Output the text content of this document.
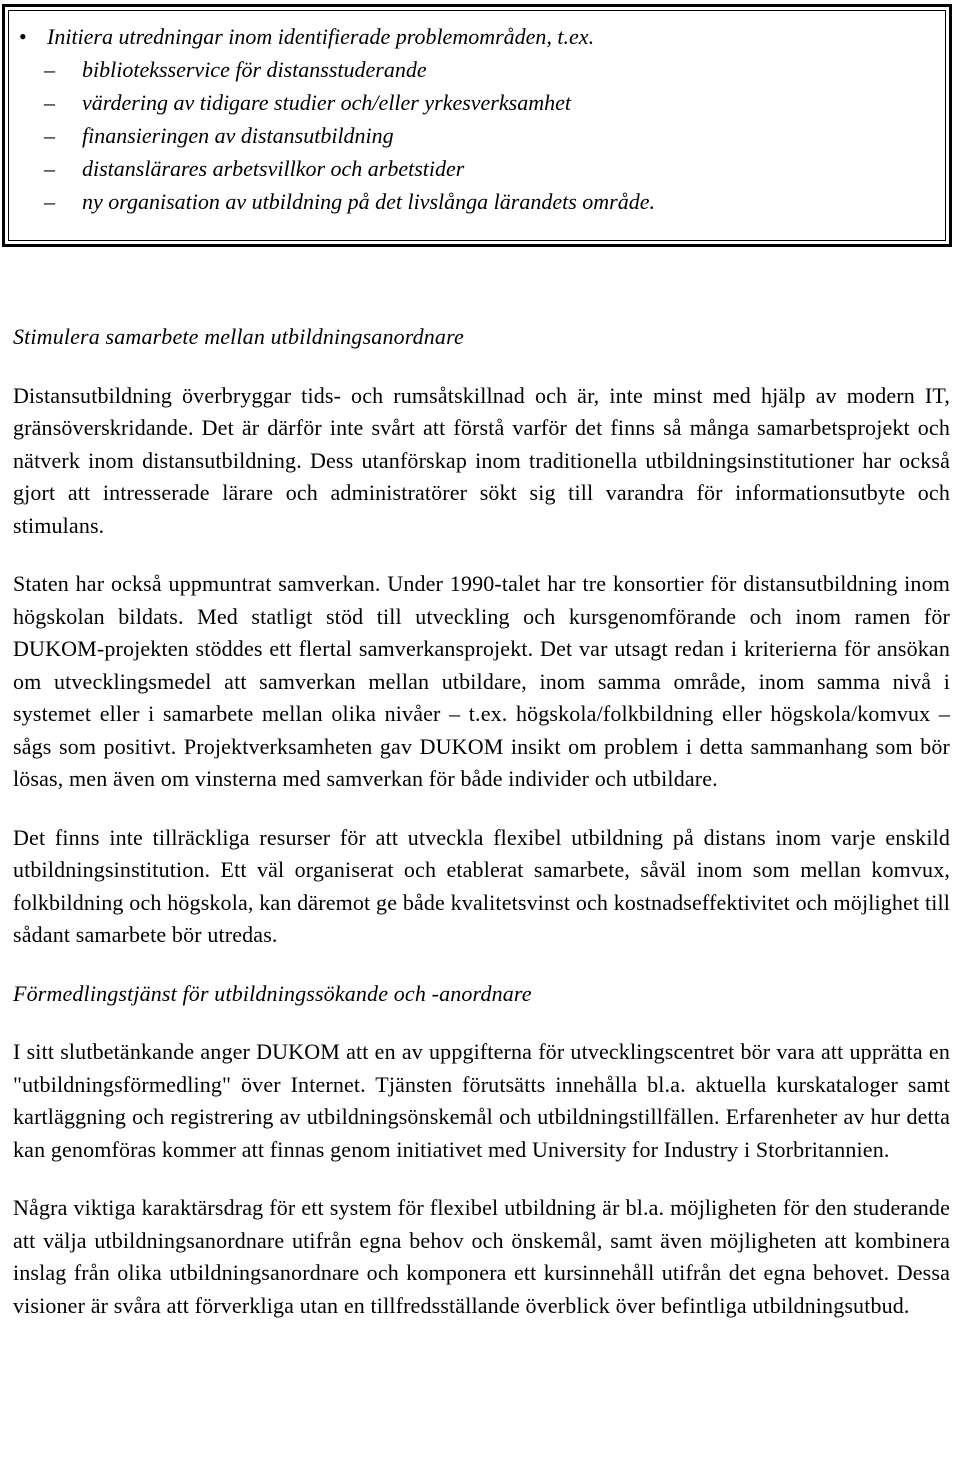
• Initiera utredningar inom identifierade problemområden, t.ex.
–	biblioteksservice för distansstuderande
–	värdering av tidigare studier och/eller yrkesverksamhet
–	finansieringen av distansutbildning
–	distanslärares arbetsvillkor och arbetstider
–	ny organisation av utbildning på det livslånga lärandets område.

Stimulera samarbete mellan utbildningsanordnare

Distansutbildning överbryggar tids- och rumsåtskillnad och är, inte minst med hjälp av modern IT, gränsöverskridande. Det är därför inte svårt att förstå varför det finns så många samarbetsprojekt och nätverk inom distansutbildning. Dess utanförskap inom traditionella utbildningsinstitutioner har också gjort att intresserade lärare och administratörer sökt sig till varandra för informationsutbyte och stimulans.

Staten har också uppmuntrat samverkan. Under 1990-talet har tre konsortier för distansutbildning inom högskolan bildats. Med statligt stöd till utveckling och kursgenomförande och inom ramen för DUKOM-projekten stöddes ett flertal samverkansprojekt. Det var utsagt redan i kriterierna för ansökan om utvecklingsmedel att samverkan mellan utbildare, inom samma område, inom samma nivå i systemet eller i samarbete mellan olika nivåer – t.ex. högskola/folkbildning eller högskola/komvux – sågs som positivt. Projektverksamheten gav DUKOM insikt om problem i detta sammanhang som bör lösas, men även om vinsterna med samverkan för både individer och utbildare.

Det finns inte tillräckliga resurser för att utveckla flexibel utbildning på distans inom varje enskild utbildningsinstitution. Ett väl organiserat och etablerat samarbete, såväl inom som mellan komvux, folkbildning och högskola, kan däremot ge både kvalitetsvinst och kostnadseffektivitet och möjlighet till sådant samarbete bör utredas.

Förmedlingstjänst för utbildningssökande och -anordnare

I sitt slutbetänkande anger DUKOM att en av uppgifterna för utvecklingscentret bör vara att upprätta en "utbildningsförmedling" över Internet. Tjänsten förutsätts innehålla bl.a. aktuella kurskataloger samt kartläggning och registrering av utbildningsönskemål och utbildningstillfällen. Erfarenheter av hur detta kan genomföras kommer att finnas genom initiativet med University for Industry i Storbritannien.

Några viktiga karaktärsdrag för ett system för flexibel utbildning är bl.a. möjligheten för den studerande att välja utbildningsanordnare utifrån egna behov och önskemål, samt även möjligheten att kombinera inslag från olika utbildningsanordnare och komponera ett kursinnehåll utifrån det egna behovet. Dessa visioner är svåra att förverkliga utan en tillfredsställande överblick över befintliga utbildningsutbud.
